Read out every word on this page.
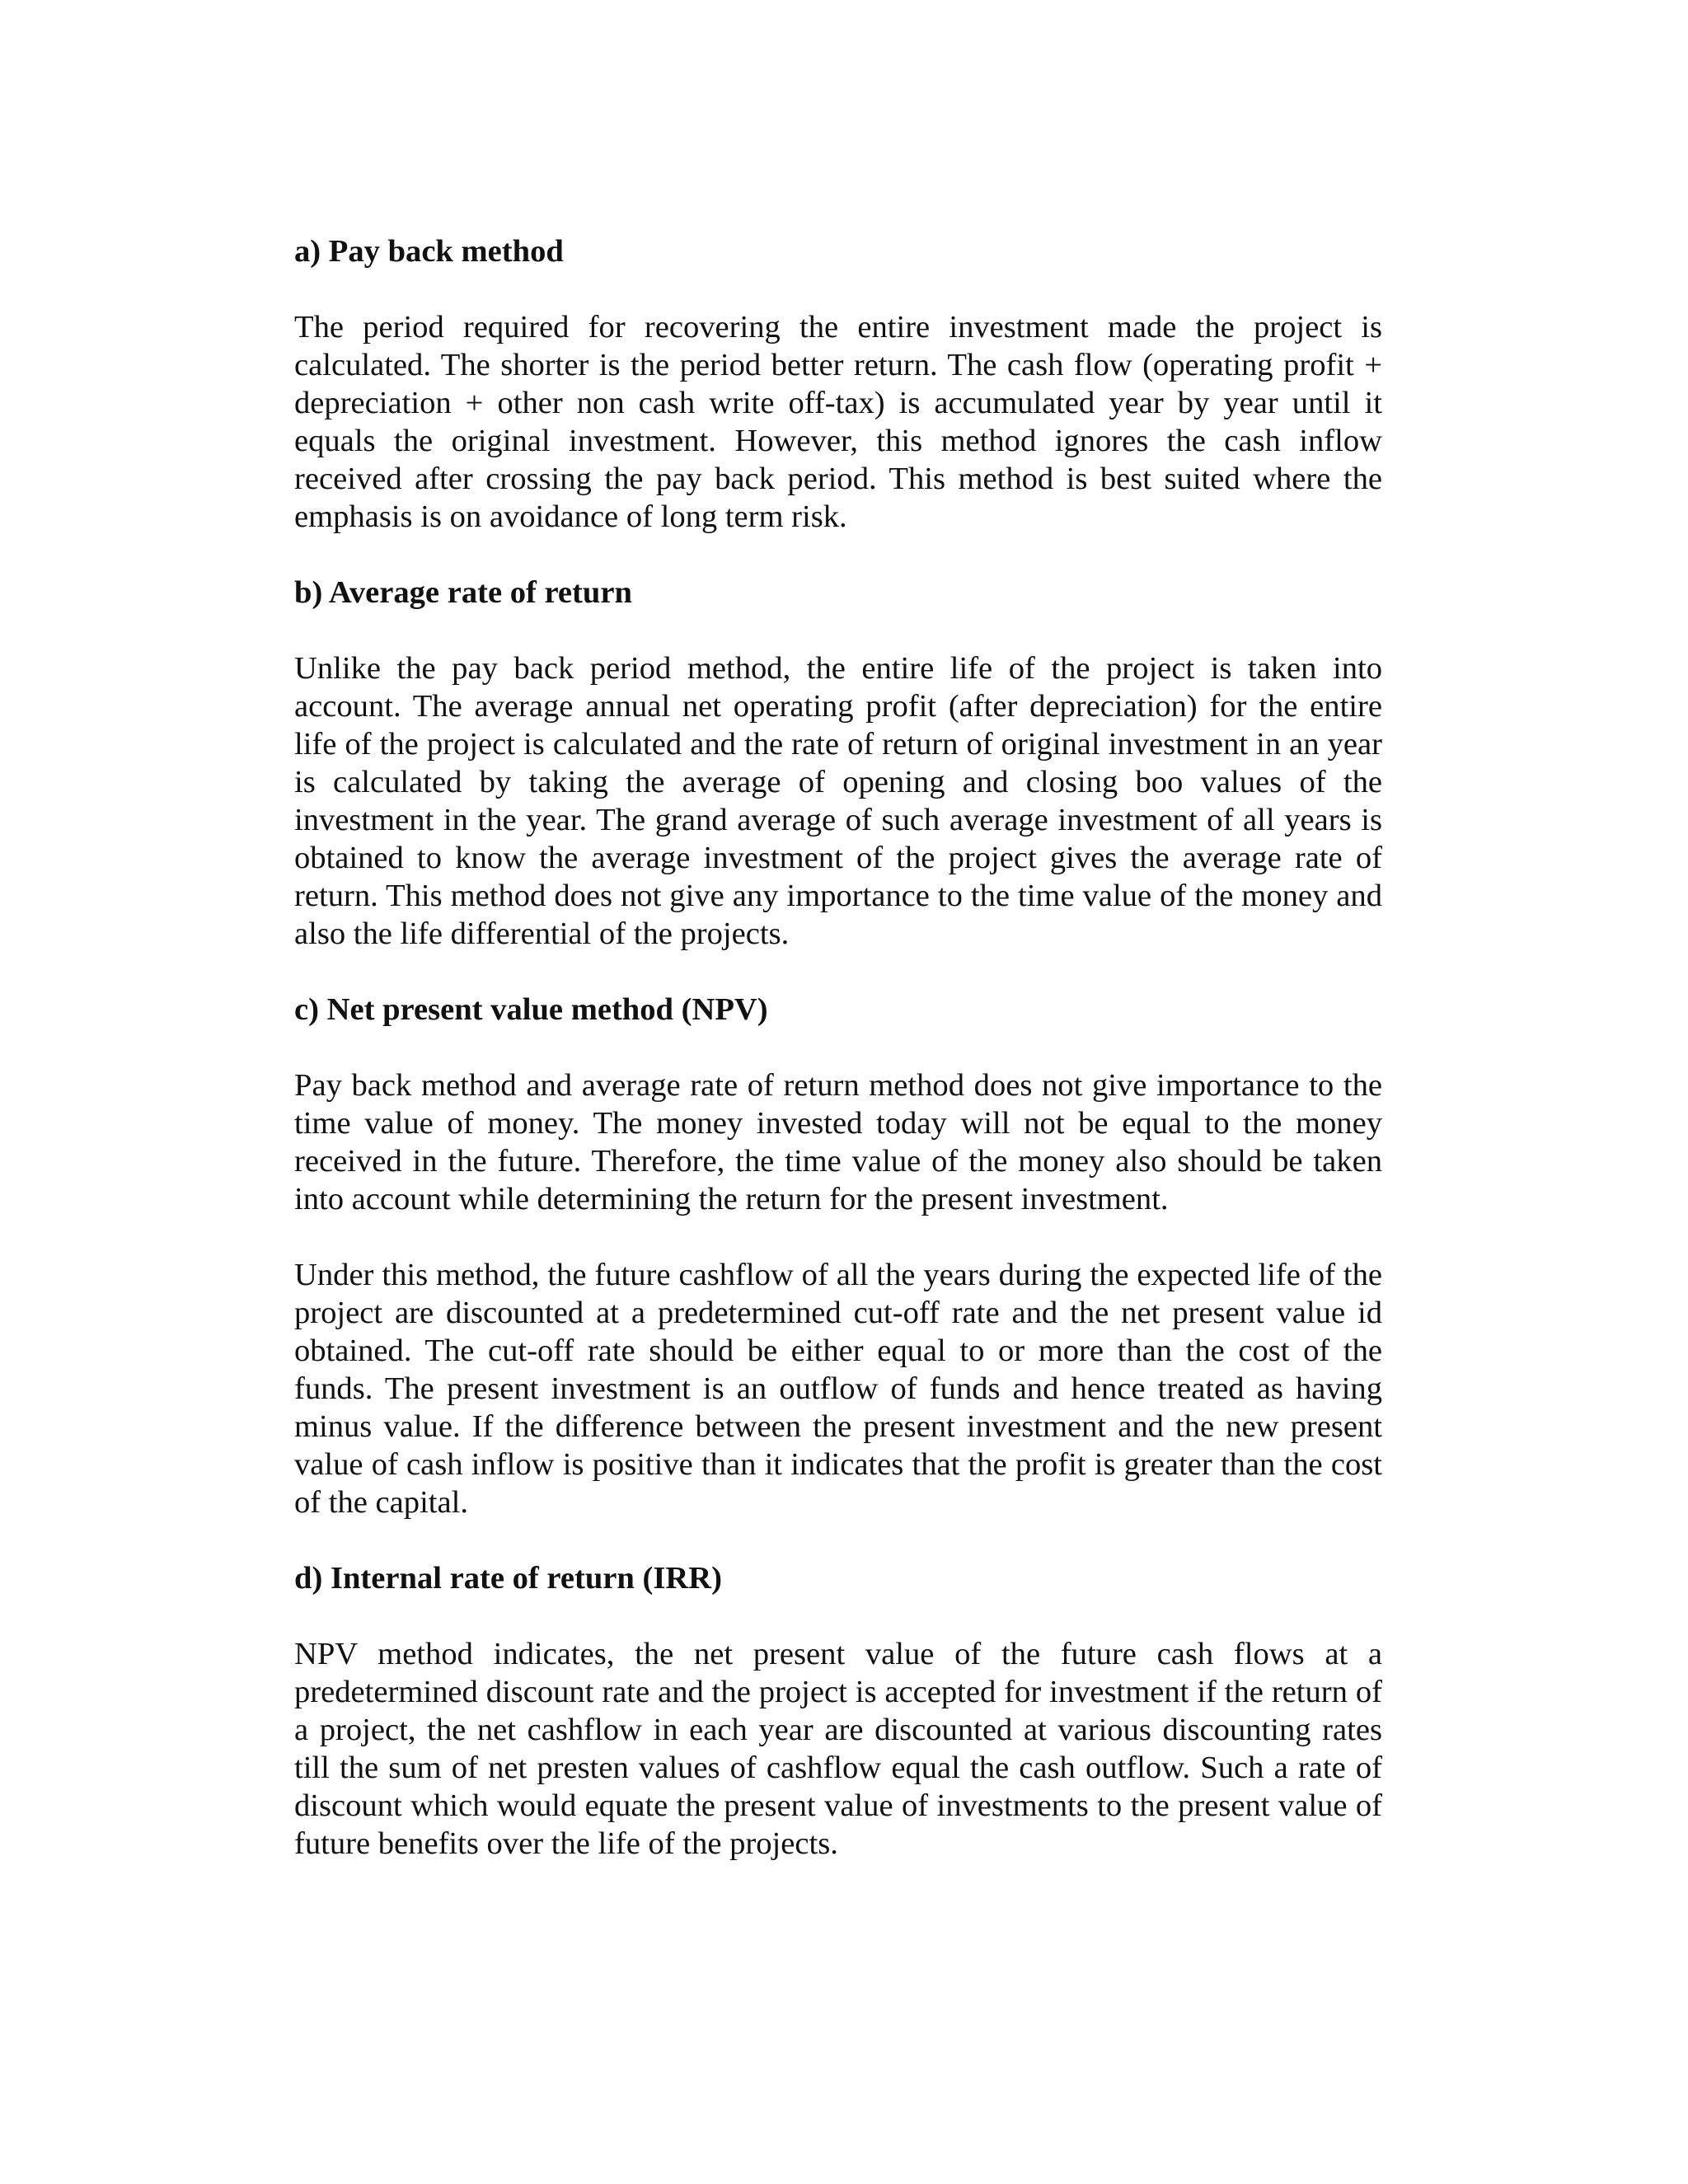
a) Pay back method

The period required for recovering the entire investment made the project is calculated. The shorter is the period better return. The cash flow (operating profit + depreciation + other non cash write off-tax) is accumulated year by year until it equals the original investment. However, this method ignores the cash inflow received after crossing the pay back period. This method is best suited where the emphasis is on avoidance of long term risk.

b) Average rate of return

Unlike the pay back period method, the entire life of the project is taken into account. The average annual net operating profit (after depreciation) for the entire life of the project is calculated and the rate of return of original investment in an year is calculated by taking the average of opening and closing boo values of the investment in the year. The grand average of such average investment of all years is obtained to know the average investment of the project gives the average rate of return. This method does not give any importance to the time value of the money and also the life differential of the projects.

c) Net present value method (NPV)

Pay back method and average rate of return method does not give importance to the time value of money. The money invested today will not be equal to the money received in the future. Therefore, the time value of the money also should be taken into account while determining the return for the present investment.

Under this method, the future cashflow of all the years during the expected life of the project are discounted at a predetermined cut-off rate and the net present value id obtained. The cut-off rate should be either equal to or more than the cost of the funds. The present investment is an outflow of funds and hence treated as having minus value. If the difference between the present investment and the new present value of cash inflow is positive than it indicates that the profit is greater than the cost of the capital.

d) Internal rate of return (IRR)

NPV method indicates, the net present value of the future cash flows at a predetermined discount rate and the project is accepted for investment if the return of a project, the net cashflow in each year are discounted at various discounting rates till the sum of net presten values of cashflow equal the cash outflow. Such a rate of discount which would equate the present value of investments to the present value of future benefits over the life of the projects.
